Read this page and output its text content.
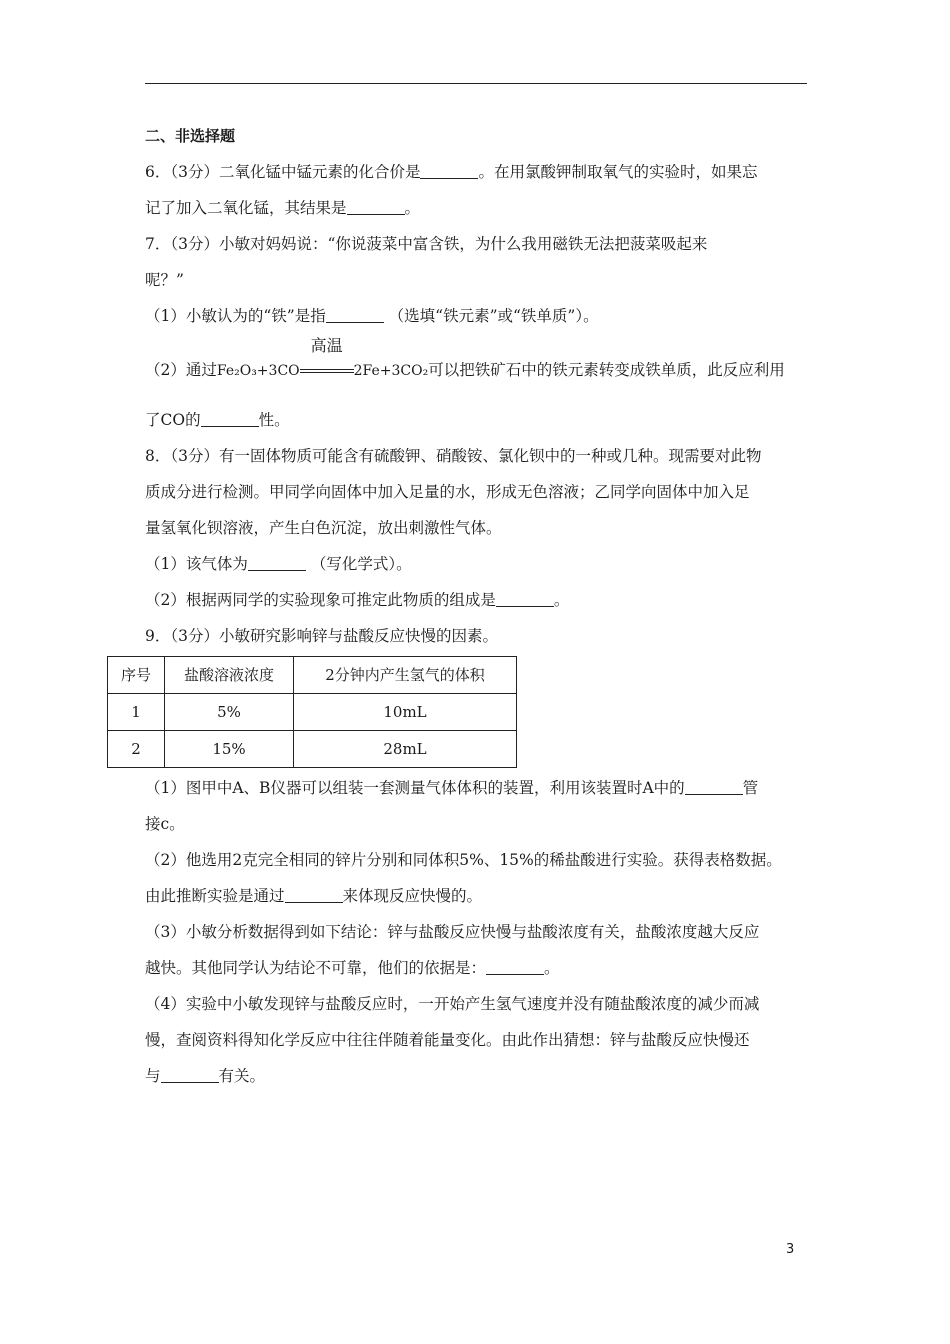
二、非选择题
6．（3分）二氧化锰中锰元素的化合价是	。在用氯酸钾制取氧气的实验时，如果忘
记了加入二氧化锰，其结果是	。
7．（3分）小敏对妈妈说：“你说菠菜中富含铁，为什么我用磁铁无法把菠菜吸起来
呢？”
（1）小敏认为的“铁”是指	（选填“铁元素”或“铁单质”）。
（2）通过Fe₂O₃+3CO
高温
2Fe+3CO₂可以把铁矿石中的铁元素转变成铁单质，此反应利用
了CO的	性。
8．（3分）有一固体物质可能含有硫酸钾、硝酸铵、氯化钡中的一种或几种。现需要对此物
质成分进行检测。甲同学向固体中加入足量的水，形成无色溶液；乙同学向固体中加入足
量氢氧化钡溶液，产生白色沉淀，放出刺激性气体。
（1）该气体为	（写化学式）。
（2）根据两同学的实验现象可推定此物质的组成是	。
9．（3分）小敏研究影响锌与盐酸反应快慢的因素。
序号	盐酸溶液浓度	2分钟内产生氢气的体积
1	5%	10mL
2	15%	28mL
（1）图甲中A、B仪器可以组装一套测量气体体积的装置，利用该装置时A中的	管
接c。
（2）他选用2克完全相同的锌片分别和同体积5%、15%的稀盐酸进行实验。获得表格数据。
由此推断实验是通过	来体现反应快慢的。
（3）小敏分析数据得到如下结论：锌与盐酸反应快慢与盐酸浓度有关，盐酸浓度越大反应
越快。其他同学认为结论不可靠，他们的依据是：	。
（4）实验中小敏发现锌与盐酸反应时，一开始产生氢气速度并没有随盐酸浓度的减少而减
慢，查阅资料得知化学反应中往往伴随着能量变化。由此作出猜想：锌与盐酸反应快慢还
与	有关。
3
